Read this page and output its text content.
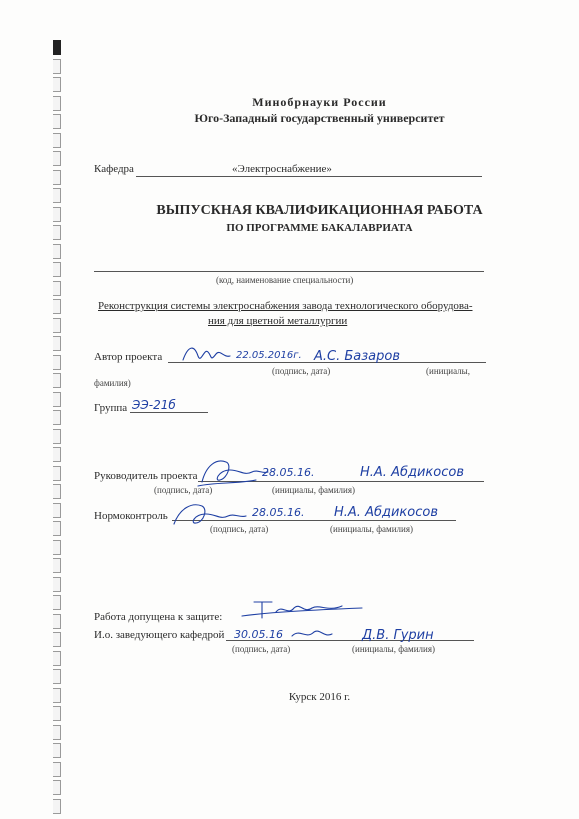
Минобрнауки России
Юго-Западный государственный университет
Кафедра	«Электроснабжение»
ВЫПУСКНАЯ КВАЛИФИКАЦИОННАЯ РАБОТА
ПО ПРОГРАММЕ БАКАЛАВРИАТА
(код, наименование специальности)
Реконструкция системы электроснабжения завода технологического оборудова-
ния для цветной металлургии
Автор проекта	22.05.2016г. А.С. Базаров
(подпись, дата)	(инициалы,
фамилия)
Группа ЭЭ-21б
Руководитель проекта	28.05.16.	Н.А. Абдикосов
(подпись, дата)	(инициалы, фамилия)
Нормоконтроль	28.05.16. Н.А. Абдикосов
(подпись, дата)	(инициалы, фамилия)
Работа допущена к защите:
И.о. заведующего кафедрой 30.05.16	Д.В. Гурин
(подпись, дата)	(инициалы, фамилия)
Курск 2016 г.
